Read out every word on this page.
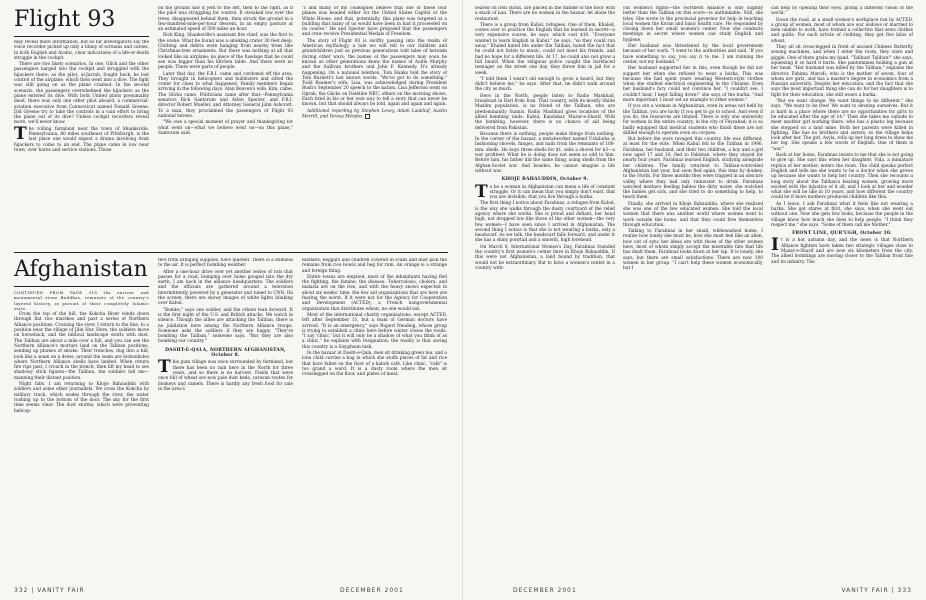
Flight 93

may reveal more information, but so far investigators say the voice recorder picked up only a litany of screams and curses, in both English and Arabic, clear indications of a life-or-death struggle in the cockpit.

There are two likely scenarios. In one, Glick and the other passengers barged into the cockpit and struggled with the hijackers there; as the pilot, al-Jarrah, fought back, he lost control of the airplane, which then went into a dive. The fight was still going on as the plane crashed. In the second scenario, the passengers overwhelmed the hijackers as the plane entered its dive. With both United pilots presumably dead, there was only one other pilot aboard, a commercial-aviation executive from Connecticut named Donald Greene. Did Greene try to take the controls in a vain effort to bring the plane out of its dive? Unless cockpit recorders reveal more, we'll never know.

The rolling farmland near the town of Shanksville, Pennsylvania, 80 miles southeast of Pittsburgh, is the last place one would expect a drama involving Arab hijackers to come to an end. The plane came in low near town, over barns and service stations. Those

on the ground saw it jerk to the left, then to the right, as if the pilot was struggling for control. It streaked low over the trees, disappeared behind them, then struck the ground in a few-hundred-mile-per-hour descent, in an empty pasture at an estimated speed of 500 miles an hour.

Rick King, Shanksville's assistant fire chief, was the first to the scene. What he found was a smoking crater 30 feet deep. Clothing and debris were hanging from nearby trees like Christmas-tree ornaments. But there was nothing at all that looked like an airplane; no piece of the fuselage that he could see was bigger than his kitchen table. And there were no people. There were parts of people.

Later that day, the F.B.I. came and cordoned off the area. They brought in helicopters and bulldozers and sifted the crater for clues to what happened. Family members began arriving in the following days. Alan Beaven's wife, Kim, came. The Glicks came. Politicians came after that—Pennsylvania senators Rick Santorum and Arlen Specter, and F.B.I. director Robert Mueller, and Attorney General John Ashcroft. To a man, they proclaimed the passengers of Flight 93 national heroes.

"We owe a special moment of prayer and thanksgiving for what went on—what we believe went on—on this plane," Santorum said.

"I and many of my colleagues believe that one of these four planes was headed either for the United States Capitol or the White House, and that, potentially, this plane was targeted at a building that many of us would have been in had it proceeded on its course." He and Specter have proposed that the passengers and crew receive Presidential Medals of Freedom.

The story of Flight 93 is swiftly passing into the realm of American mythology, a tale we will tell to our children and grandchildren just as previous generations told tales of heroism during other wars; the names of the passengers may soon be known as other generations knew the names of Audie Murphy and the Sullivan brothers and John F. Kennedy. It's already happening. On a national telethon, Tom Hanks told the story of Tom Burnett's last known words: "We've got to do something." Todd Beamer's wife, Lisa, was acknowledged during President Bush's September 20 speech to the nation. Lisa Jefferson went on Oprah; the Glicks on Dateline NBC, others on the morning shows. Each tired in his or her own way to tell a story that can never be known, but that should always be told, again and again and again.

Additional reporting by Stephen Levey, Adam Laukhuf, Austin Merrill, and Teresa Méndez.

Afghanistan

CONTINUED FROM PAGE 318 the ancient and monumental stone Buddhas, remnants of the country's layered history, in pursuit of their completely Islamic state.

From the top of the hill, the Kokcha River winds down through flat rice marshes and past a series of Northern Alliance positions. Crossing the river, I return to the line, to a position near the village of Jilin Hur. Here, the soldiers move on horseback, and the biblical landscape swirls with dust. The Taliban are about a mile over a hill, and you can see the Northern Alliance's mortars land on the Taliban positions, sending up plumes of smoke. Their trenches, dug into a hill, look like a seam on a dress; around the seam are buttonholes where Northern Alliance shells have landed. When return fire rips past, I crouch in the trench, then lift my head to see shadowy stick figures—the Taliban, the soldiers tell me—manning their distant position.

Night falls. I am returning to Khoje Bahauddin with soldiers and some other journalists. We cross the Kokcha by military truck, which wades through the river, the water rushing up to the bottom of the door. The sky for the first time seems clear. The dust storms, which were preventing helicop-

ters from bringing supplies, have quieted. There is a stillness to the air. It is perfect bombing weather.

After a one-hour drive over yet another series of ruts that passes for a road, bumping over holes gouged into the dry earth, I am back in the alliance headquarters. The soldiers and the officials are gathered around a television intermittently powered by a generator and tuned to CNN. On the screen, there are showy images of white lights blinking over Kabul.

"Bombs," says one soldier, and the others lean forward. It is the first night of the U.S. and British attacks. We watch in silence. Though the allies are attacking the Taliban, there is no jubilation here among the Northern Alliance troops. Someone asks the soldiers if they are happy. "They're bombing the Taliban," someone says. "But they are also bombing our country."

DASHT-E-QALA, NORTHERN AFGHANISTAN, October 8.

This gum village was once surrounded by farmland, but there has been no rain here in the North for three years, and so there is no harvest. Fields that were once full of wheat are now pale dust beds, caravan routes for donkeys and camels. There is hardly any fresh food for sale in the area's

markets; beggars and children covered in scabs and dust pick the remains from rice bowls and beg for rum. An orange is a strange and foreign thing.

Entire towns are emptied, most of the inhabitants having fled the fighting, the famine, the disease. Tuberculosis, cholera, and malaria are on the rise, and with the heavy snows expected in about six weeks' time, the few aid organizations that are here are fearing the worst. If it were not for the Agency for Cooperation and Development (ACTED), a French nongovernmental organization that distributes wheat, no one would eat.

Most of the international charity organizations, except ACTED, left after September 11, but a team of German doctors have arrived. "It is an emergency," says Rupert Neudeig, whose group is trying to establish a clinic here before winter closes the roads. "I say 'clinic,' but it will only be a shadow of what you think of as a clinic," he explains with resignation; the reality is that saving this country is a Sisyphean task.

In the bazaar at Dasht-e-Qala, men sit drinking green tea, and a lone child carries a bag in which she stuffs pieces of fat and rice that have fallen on the floor of a kabob café. Like clinic, "café" is too grand a word. It is a dusty room where the men sit crosslegged on the floor, and plates of meat,

332 | VANITY FAIR	DECEMBER 2001

seared on iron sticks, are placed in the middle of the floor with a stack of nan. There are no women in the bazaar, let alone the restaurant.

There is a group from Kabul, refugees. One of them, Khaled, comes over to practice the English that he learned in secret—a very expensive course, he says, which cost $10. "Everyone wanted to learn English in Kabul," he says, "so they could run away." Khaled hated life under the Taliban, hated the fact that he could not listen to music, could not meet his friends, and had no hope for a different life. At 17, he could also not grow a full beard. When the religious police caught the barefaced teenager on the street one day, they threw him in jail for a week.

"I told them I wasn't old enough to grow a beard, but they didn't believe me," he says. After that, he didn't walk around the city so much.

Here in the North, people listen to Radio Mashhad, broadcast in Dari from Iran. That country, with its mostly Shiite Muslim population, is no friend of the Taliban, who are predominantly Sunnis. Radio Mashhad gives locations of the allied bombing raids: Kabul, Kandahar, Mazar-e-Sharif. With the bombing, however, there is no chance of aid being delivered from Pakistan.

Because there is nothing, people make things from nothing. In the corner of the bazaar, a metalworker named Ustaboba is fashioning shovels, hinges, and nails from the remnants of 100-mm. shells. He buys three shells for $1, sells a shovel for $3—a war profiteer. What he is doing does not seem so odd to him. Before him, his father did the same thing, using shells from the Afghan-Soviet war. And besides, he cannot imagine a life without war.

KHOJE BAHAUDDIN, October 9.

To be a woman in Afghanistan can mean a life of constant struggle. Or it can mean that you simply don't exist, that you are invisible, that you live through a burka.

The first thing I notice about Farahnaz, a refugee from Kabul, is the way she walks through the dusty courtyard of the relief agency where she works. She is proud and defiant, her head high, not dropped low like those of the other women—the very few women—I have seen since I arrived in Afghanistan. The second thing I notice is that she is not wearing a burka, only a headscarf. As we talk, the headscarf falls forward, and under it she has a shiny ponytail and a smooth, high forehead.

On March 8, International Women's Day, Farahnaz founded the country's first women's center here in Khoje Bahauddin. If this were not Afghanistan, a land bound by tradition, that would not be extraordinary. But to have a women's center in a country with-

out women's rights—the Northern Alliance is only slightly better than the Taliban on this score—is unthinkable. Still, she tries. She wrote to the provincial governor for help in teaching local women the Koran and basic health care. He responded by closing down her small women's center. Now she conducts meetings in secret where women can study English and hygiene.

Her husband was threatened by the local government because of her work. "I went to the authorities and said, 'If you have something to say, you say it to me. I am running the center, not my husband.'"

Her husband supported her in this, even though he did not support her when she refused to wear a burka. This was because she had spent years wearing Western-style clothes when she studied electrical engineering in the Ukraine. Even her husband's fury could not convince her. "I couldn't see, I couldn't hear, I kept falling down!" she says of the burka. "And more important, I must set an example to other women."

If you are a woman in Afghanistan, even in areas not held by the Taliban, you are lucky if you get to go to school. And even if you do, the resources are limited. There is only one university for women in the entire country, in the city of Feyzabad; it is so badly equipped that medical students who finish there are not skilled enough to operate even on corpses.

But before the wars ravaged this country, life was different, at least for the elite. When Kabul fell to the Taliban in 1996, Farahnaz, her husband, and their two children, a boy and a girl now aged 17 and 10, fled to Pakistan, where they stayed for nearly four years. Farahnaz learned English, studying alongside her children. The family returned to Taliban-controlled Afghanistan last year, but soon fled again, this time by donkey, to the North. For three months they were trapped in an obscure valley where they had only rainwater to drink. Farahnaz watched mothers feeding babies the dirty water, she watched the babies get sick, and she tried to do something to help, to teach them.

Finally, she arrived in Khoje Bahauddin, where she realized she was one of the few educated women. She told the local women that there was another world where women went to work outside the home, and that they could free themselves through education.

Talking to Farahnaz in her small, whitewashed home, I realize how lonely she must be, how she must feel like an alien, how out of sync her ideas are with those of the other women here, most of whom simply accept the miserable fate that life has dealt them. Farahnaz looks down at her lap. It is lonely, she says, but there are small satisfactions. There are now 100 women in her group. "I can't help these women economically, but I

can help by opening their eyes, giving a different vision of the world."

Down the road, at a small women's workplace run by ACTED, a group of women, most of whom are war widows or married to men unable to work, have formed a collective that sews clothes and quilts. For each article of clothing, they get five kilos of wheat.

They all sit cross-legged in front of ancient Chinese Butterfly sewing machines, and when I enter the room, they stare and giggle. One of them grabs my hand. "Talibun! Talibun!" she says, squeezing it so hard it hurts. She pantomimes holding a gun at her head. "Her husband was killed by the Taliban," explains the director, Fahima Marodi, who is the mother of seven, four of whom are girls, and has a master's degree in economics from a Russian university. Despite her education, and the fact that she says the most important thing she can do for her daughters is to fight for their education, she still wears a burka.

"But we want change. We want things to be different," she says. "We want to be free! We want to develop ourselves. But it is hard in a place where there are no opportunities for girls to be educated after the age of 14." Then she takes me outside to meet another girl working there, who has a plastic leg because she stepped on a land mine. Both her parents were killed in fighting. She has no brothers and sisters, so the village helps look after her. The girl, Asyla, rolls up her long dress to show me her leg. She speaks a few words of English. One of them is "war."

Back at her home, Farahnaz insists to me that she is not going to give up. She says this when her daughter, Vida, a miniature replica of her mother, enters the room. The child speaks perfect English and tells me she wants to be a doctor when she grows up because she wants to help her country. Then she recounts a long story about the Taliban's beating women, growing more excited with the injustice of it all, and I look at her and wonder what she will be like in 10 years, and how different the country could be if more mothers produced children like this.

As I leave, I ask Farahnaz what it feels like not wearing a burka. She got stares at first, she says, when she went out without one. Now she gets few looks, because the people in the village know how much she does to help people. "I think they respect me," she says. "Some of them call me Mother."

FRONT LINE, QUR'UGH, October 10.

It is a hot autumn day, and the news is that Northern Alliance fighters have taken two strategic villages close to Mazar-e-Sharif and are now six kilometers from the city. The allied bombings are moving closer to the Taliban front line and its infantry. The

DECEMBER 2001	VANITY FAIR | 333
